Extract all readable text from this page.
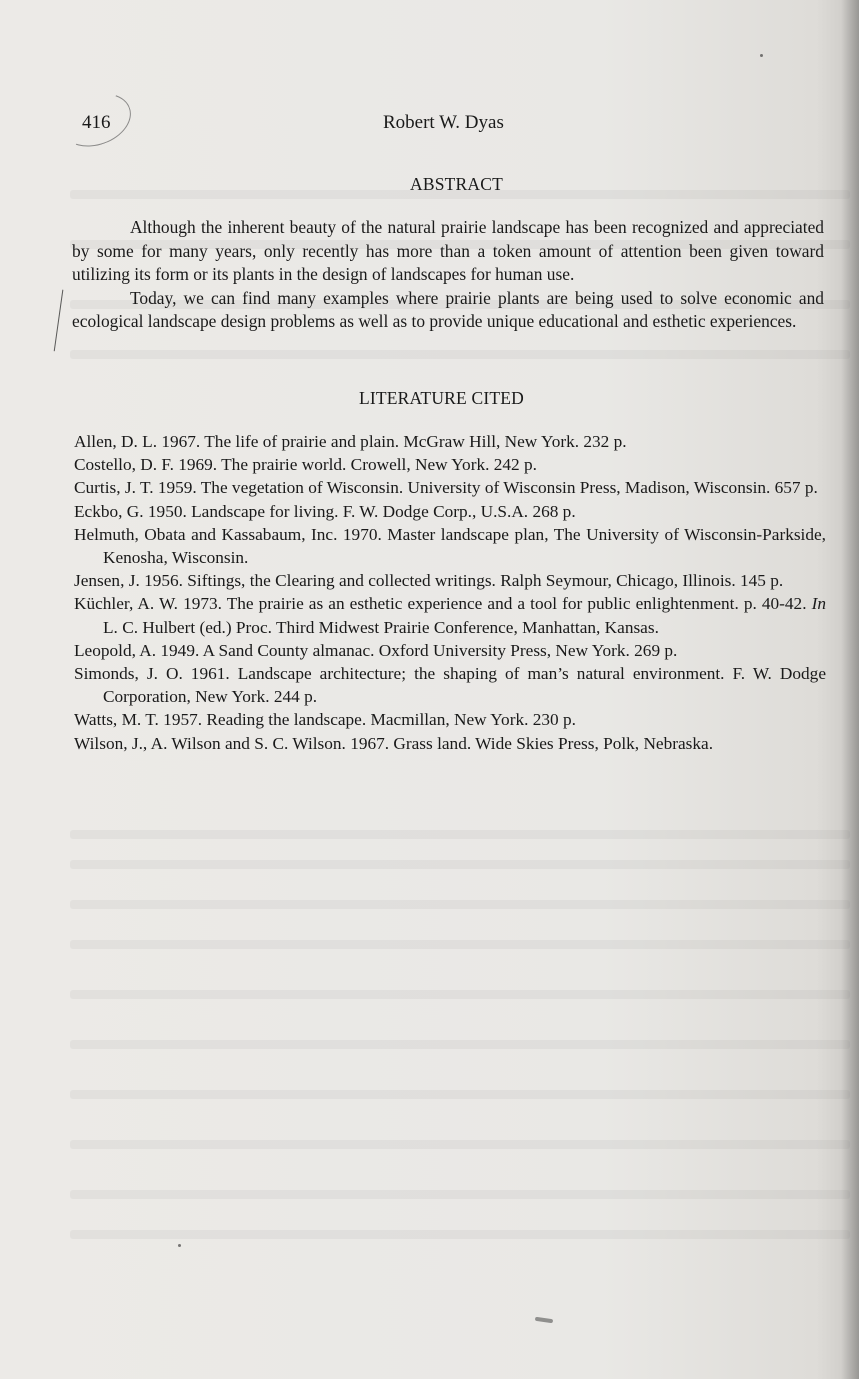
416	Robert W. Dyas
ABSTRACT

Although the inherent beauty of the natural prairie landscape has been recognized and appreciated by some for many years, only recently has more than a token amount of attention been given toward utilizing its form or its plants in the design of landscapes for human use.

Today, we can find many examples where prairie plants are being used to solve economic and ecological landscape design problems as well as to provide unique educational and esthetic experiences.

LITERATURE CITED

Allen, D. L. 1967. The life of prairie and plain. McGraw Hill, New York. 232 p.

Costello, D. F. 1969. The prairie world. Crowell, New York. 242 p.

Curtis, J. T. 1959. The vegetation of Wisconsin. University of Wisconsin Press, Madison, Wisconsin. 657 p.

Eckbo, G. 1950. Landscape for living. F. W. Dodge Corp., U.S.A. 268 p.

Helmuth, Obata and Kassabaum, Inc. 1970. Master landscape plan, The University of Wisconsin-Parkside, Kenosha, Wisconsin.

Jensen, J. 1956. Siftings, the Clearing and collected writings. Ralph Seymour, Chicago, Illinois. 145 p.

Küchler, A. W. 1973. The prairie as an esthetic experience and a tool for public enlightenment. p. 40-42. In L. C. Hulbert (ed.) Proc. Third Midwest Prairie Conference, Manhattan, Kansas.

Leopold, A. 1949. A Sand County almanac. Oxford University Press, New York. 269 p.

Simonds, J. O. 1961. Landscape architecture; the shaping of man’s natural environment. F. W. Dodge Corporation, New York. 244 p.

Watts, M. T. 1957. Reading the landscape. Macmillan, New York. 230 p.

Wilson, J., A. Wilson and S. C. Wilson. 1967. Grass land. Wide Skies Press, Polk, Nebraska.
